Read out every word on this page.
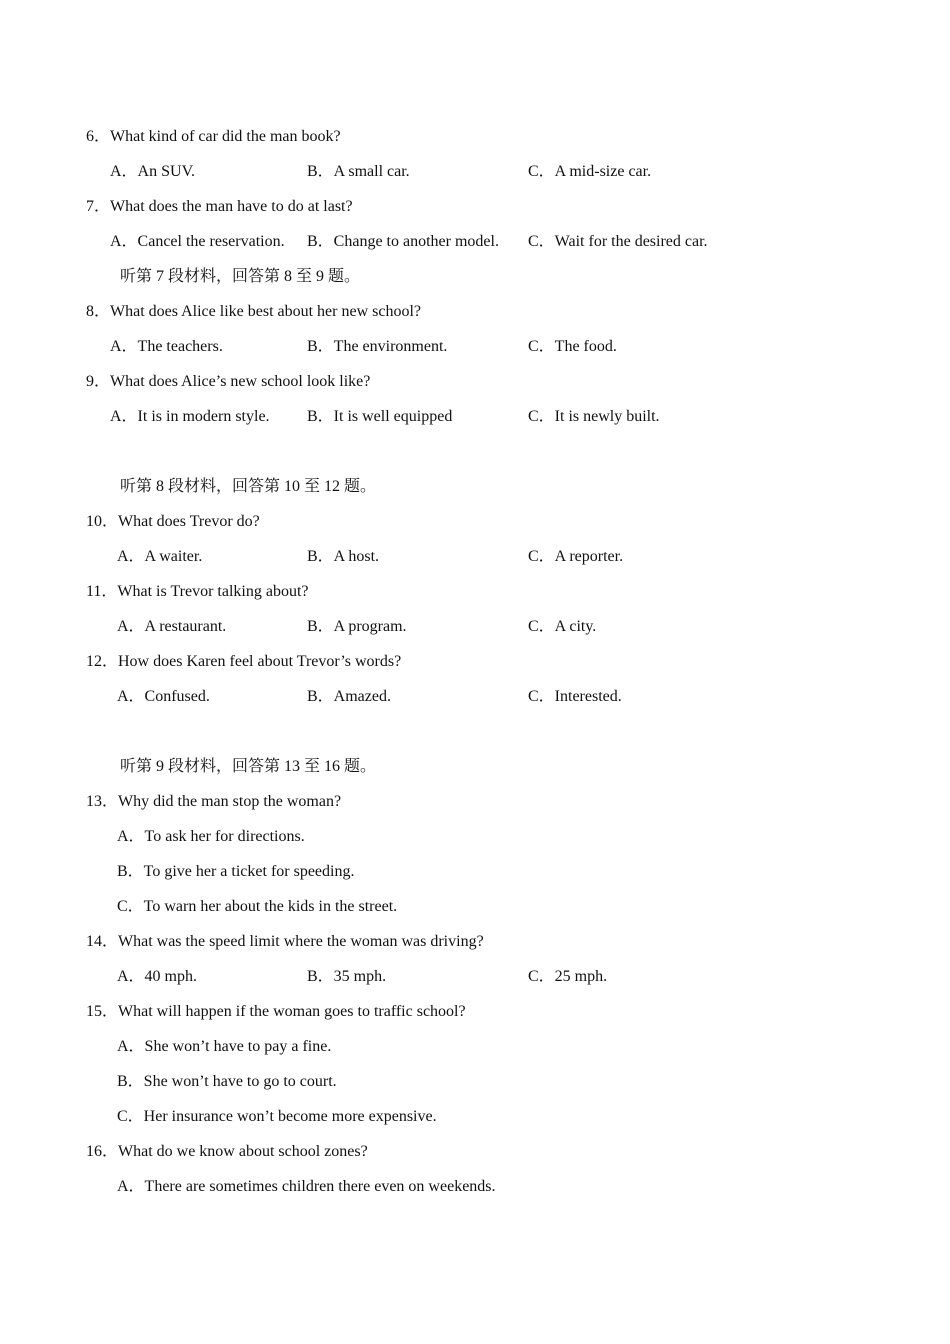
6．What kind of car did the man book?
A．An SUV.	B．A small car.	C．A mid-size car.
7．What does the man have to do at last?
A．Cancel the reservation. B．Change to another model. C．Wait for the desired car.
听第 7 段材料，回答第 8 至 9 题。
8．What does Alice like best about her new school?
A．The teachers.	B．The environment.	C．The food.
9．What does Alice’s new school look like?
A．It is in modern style. B．It is well equipped	C．It is newly built.
听第 8 段材料，回答第 10 至 12 题。
10．What does Trevor do?
A．A waiter.	B．A host.	C．A reporter.
11．What is Trevor talking about?
A．A restaurant.	B．A program.	C．A city.
12．How does Karen feel about Trevor’s words?
A．Confused.	B．Amazed.	C．Interested.
听第 9 段材料，回答第 13 至 16 题。
13．Why did the man stop the woman?
A．To ask her for directions.
B．To give her a ticket for speeding.
C．To warn her about the kids in the street.
14．What was the speed limit where the woman was driving?
A．40 mph.	B．35 mph.	C．25 mph.
15．What will happen if the woman goes to traffic school?
A．She won’t have to pay a fine.
B．She won’t have to go to court.
C．Her insurance won’t become more expensive.
16．What do we know about school zones?
A．There are sometimes children there even on weekends.
